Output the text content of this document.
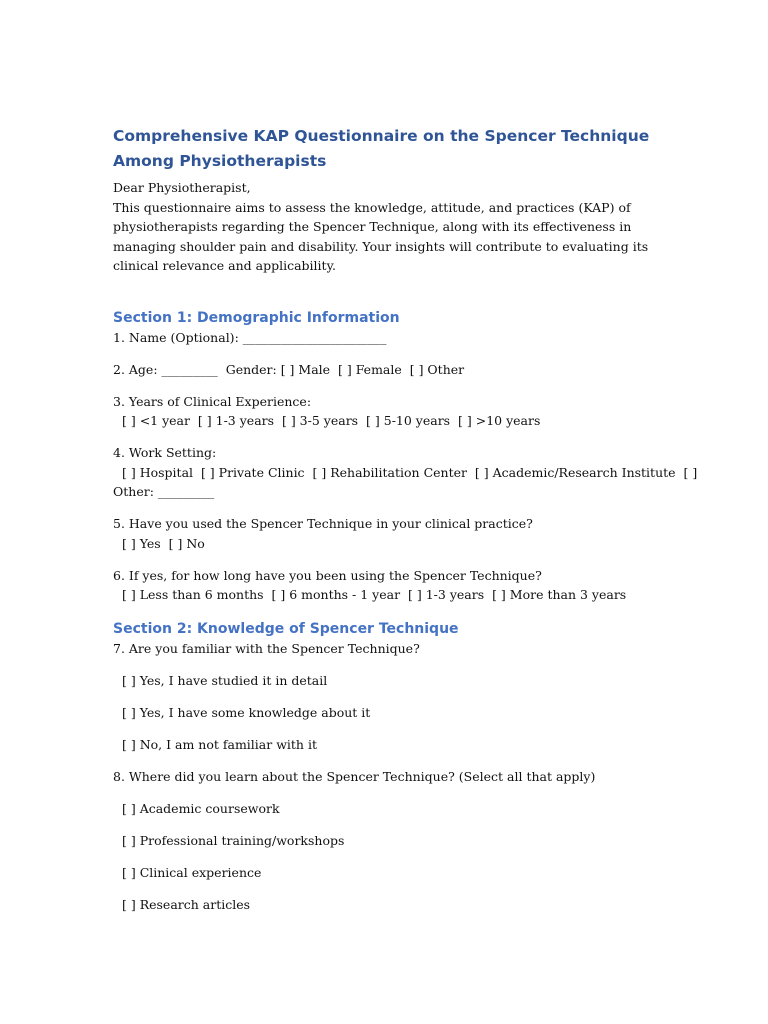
Comprehensive KAP Questionnaire on the Spencer Technique Among Physiotherapists

Dear Physiotherapist,

This questionnaire aims to assess the knowledge, attitude, and practices (KAP) of physiotherapists regarding the Spencer Technique, along with its effectiveness in managing shoulder pain and disability. Your insights will contribute to evaluating its clinical relevance and applicability.

Section 1: Demographic Information

1. Name (Optional): _______________________

2. Age: _________  Gender: [ ] Male  [ ] Female  [ ] Other

3. Years of Clinical Experience:

[ ] <1 year  [ ] 1-3 years  [ ] 3-5 years  [ ] 5-10 years  [ ] >10 years

4. Work Setting:

[ ] Hospital  [ ] Private Clinic  [ ] Rehabilitation Center  [ ] Academic/Research Institute  [ ]

Other: _________

5. Have you used the Spencer Technique in your clinical practice?

[ ] Yes  [ ] No

6. If yes, for how long have you been using the Spencer Technique?

[ ] Less than 6 months  [ ] 6 months - 1 year  [ ] 1-3 years  [ ] More than 3 years

Section 2: Knowledge of Spencer Technique

7. Are you familiar with the Spencer Technique?

[ ] Yes, I have studied it in detail

[ ] Yes, I have some knowledge about it

[ ] No, I am not familiar with it

8. Where did you learn about the Spencer Technique? (Select all that apply)

[ ] Academic coursework

[ ] Professional training/workshops

[ ] Clinical experience

[ ] Research articles
